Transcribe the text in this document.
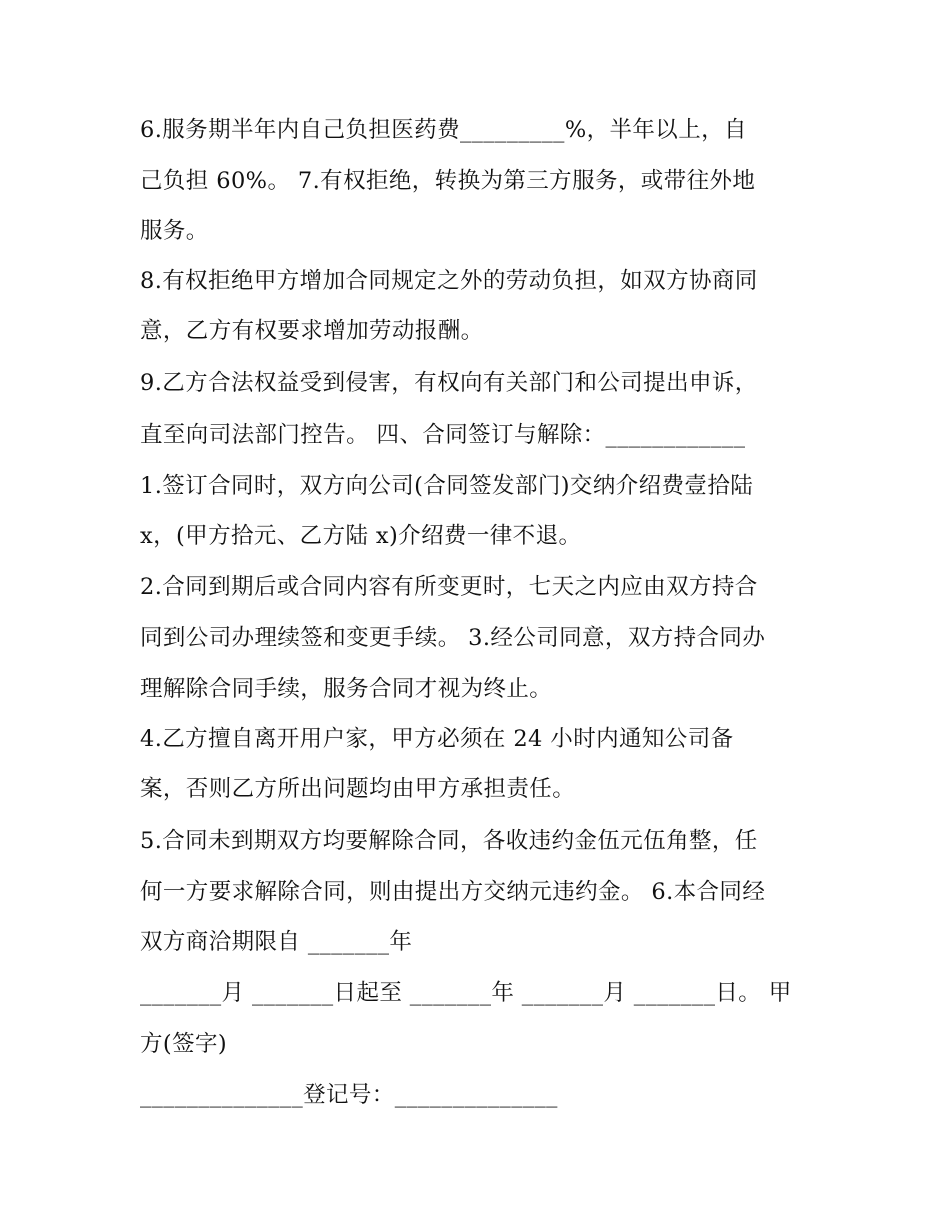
6.服务期半年内自己负担医药费_________%，半年以上，自
己负担 60%。 7.有权拒绝，转换为第三方服务，或带往外地
服务。
8.有权拒绝甲方增加合同规定之外的劳动负担，如双方协商同
意，乙方有权要求增加劳动报酬。
9.乙方合法权益受到侵害，有权向有关部门和公司提出申诉，
直至向司法部门控告。 四、合同签订与解除：____________
1.签订合同时，双方向公司(合同签发部门)交纳介绍费壹拾陆
x，(甲方拾元、乙方陆 x)介绍费一律不退。
2.合同到期后或合同内容有所变更时，七天之内应由双方持合
同到公司办理续签和变更手续。 3.经公司同意，双方持合同办
理解除合同手续，服务合同才视为终止。
4.乙方擅自离开用户家，甲方必须在 24 小时内通知公司备
案，否则乙方所出问题均由甲方承担责任。
5.合同未到期双方均要解除合同，各收违约金伍元伍角整，任
何一方要求解除合同，则由提出方交纳元违约金。 6.本合同经
双方商洽期限自 _______年
_______月 _______日起至 _______年 _______月 _______日。 甲
方(签字)
______________登记号：______________
